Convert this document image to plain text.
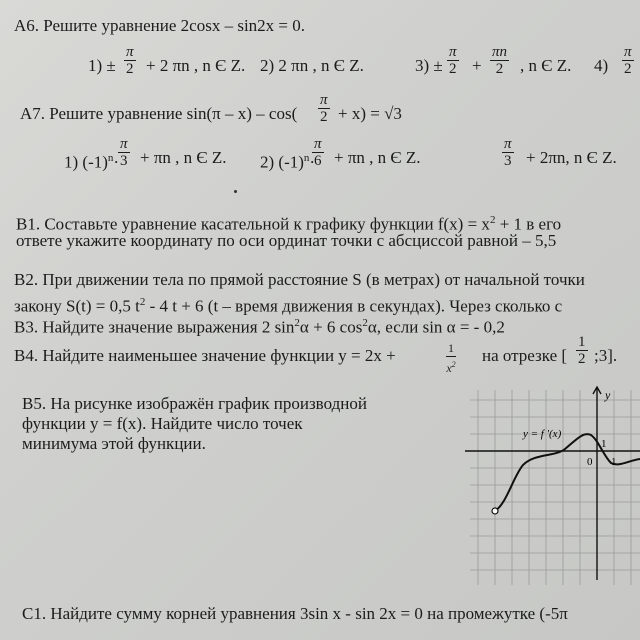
А6. Решите уравнение 2cosx – sin2x = 0.
$1) \pm \frac{\pi}{2} + 2$ πn , n Є Z. 2) 2 πn , n Є Z.	$3) \pm \frac{\pi}{2} + \frac{\pi n}{2}$ , n Є Z. $4) \frac{\pi}{2}$
А7. Решите уравнение $\sin(\pi - x) - \cos( \frac{\pi}{2} + x) = √3$
1) $(-1)^n\cdot$
$\frac{\pi}{3} + \pi n$ , n Є Z. 2) $(-1)^n\cdot$
$\frac{\pi}{6} + \pi n$ , n Є Z.	$\frac{\pi}{3} + 2\pi n$, n Є Z.
В1. Составьте уравнение касательной к графику функции $f(x) = x^2 + 1$ в его
ответе укажите координату по оси ординат точки с абсциссой равной – 5,5
В2. При движении тела по прямой расстояние S (в метрах) от начальной точки
закону S(t) = 0,5 $t^2 - 4$ t + 6 (t – время движения в секундах). Через сколько с
В3. Найдите значение выражения 2 $\sin^2\alpha + 6$ $\cos^2\alpha$, если sin α = - 0,2
В4. Найдите наименьшее значение функции y = 2x +	$\frac{1}{x^2}$ на отрезке [ $\frac{1}{2}$ ;3].
В5. На рисунке изображён график производной
функции y = f(x). Найдите число точек
минимума этой функции.
y
y = f ′(x)
1
0 1
С1. Найдите сумму корней уравнения 3sin x - sin 2x = 0 на промежутке (-5π
